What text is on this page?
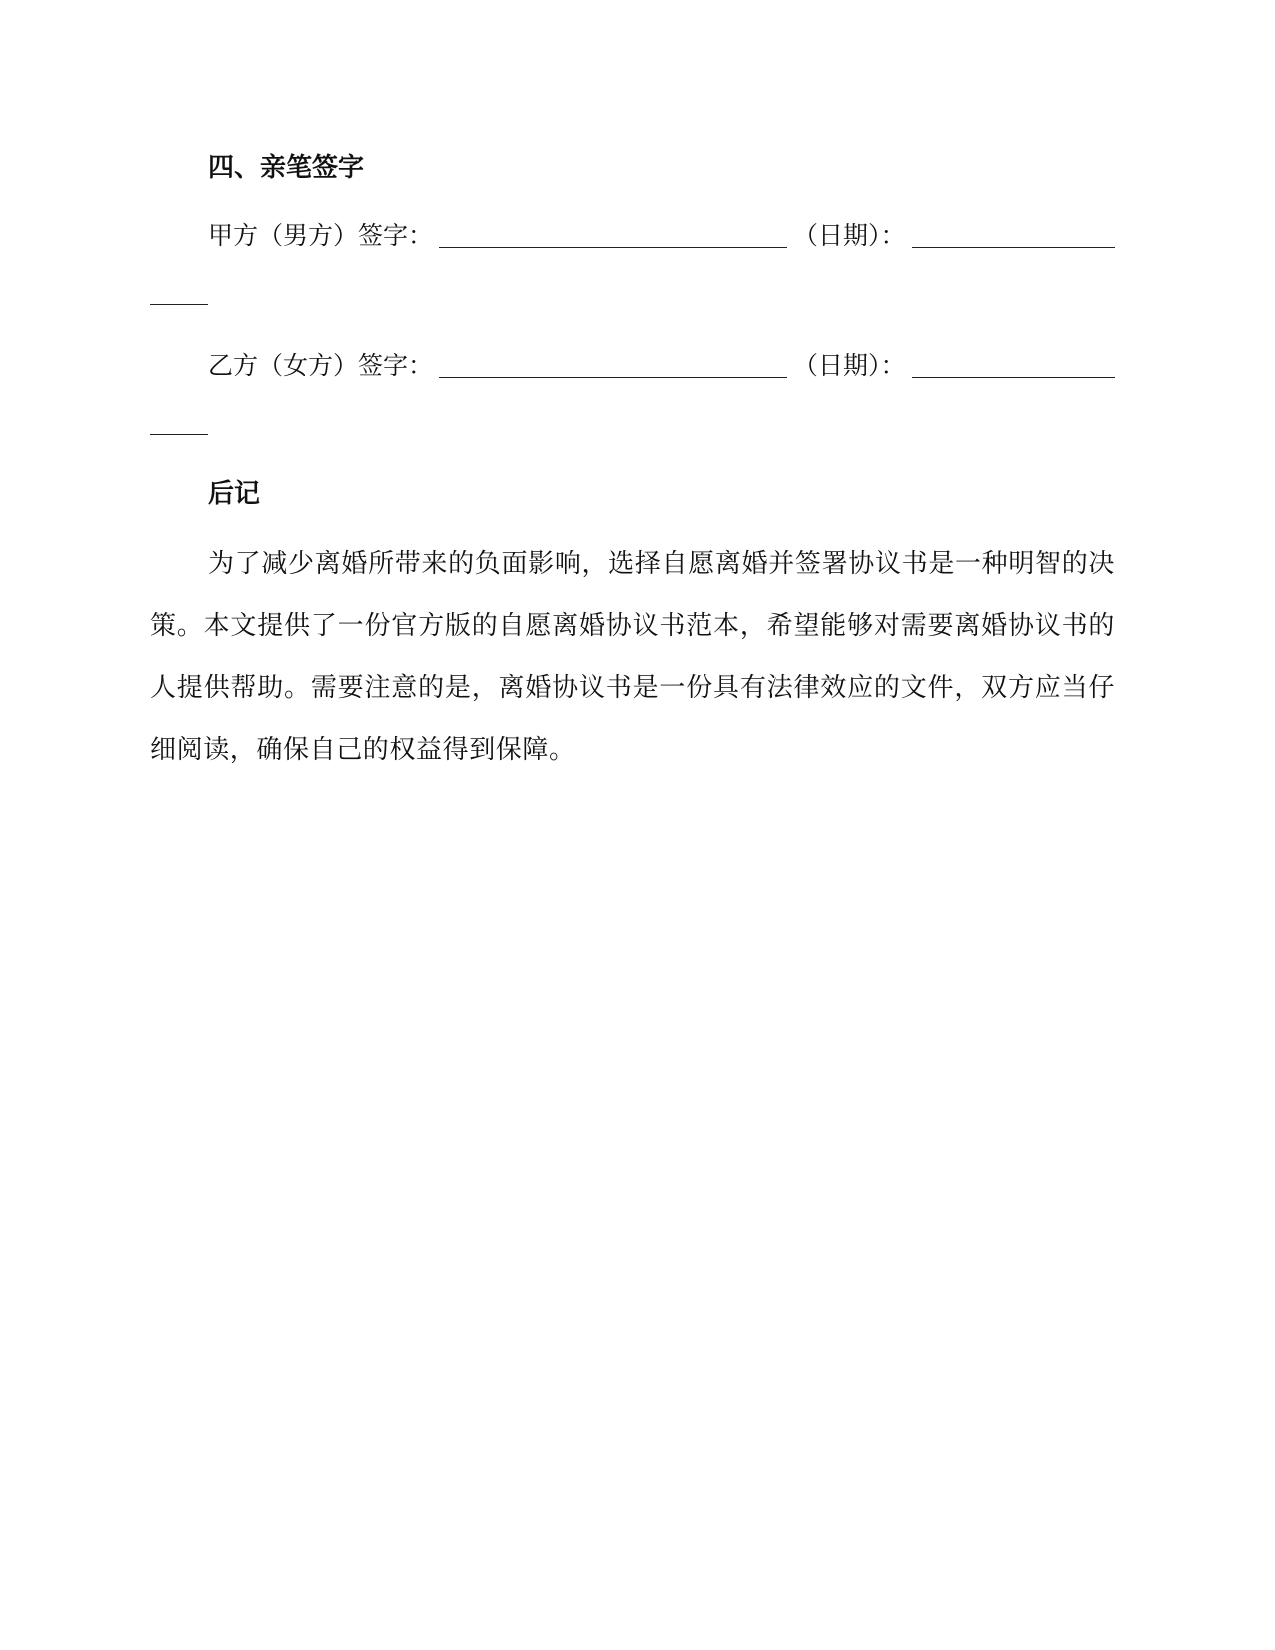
四、亲笔签字
甲方（男方）签字：	（日期）：
乙方（女方）签字：	（日期）：
后记

为了减少离婚所带来的负面影响，选择自愿离婚并签署协议书是一种明智的决策。本文提供了一份官方版的自愿离婚协议书范本，希望能够对需要离婚协议书的人提供帮助。需要注意的是，离婚协议书是一份具有法律效应的文件，双方应当仔细阅读，确保自己的权益得到保障。
